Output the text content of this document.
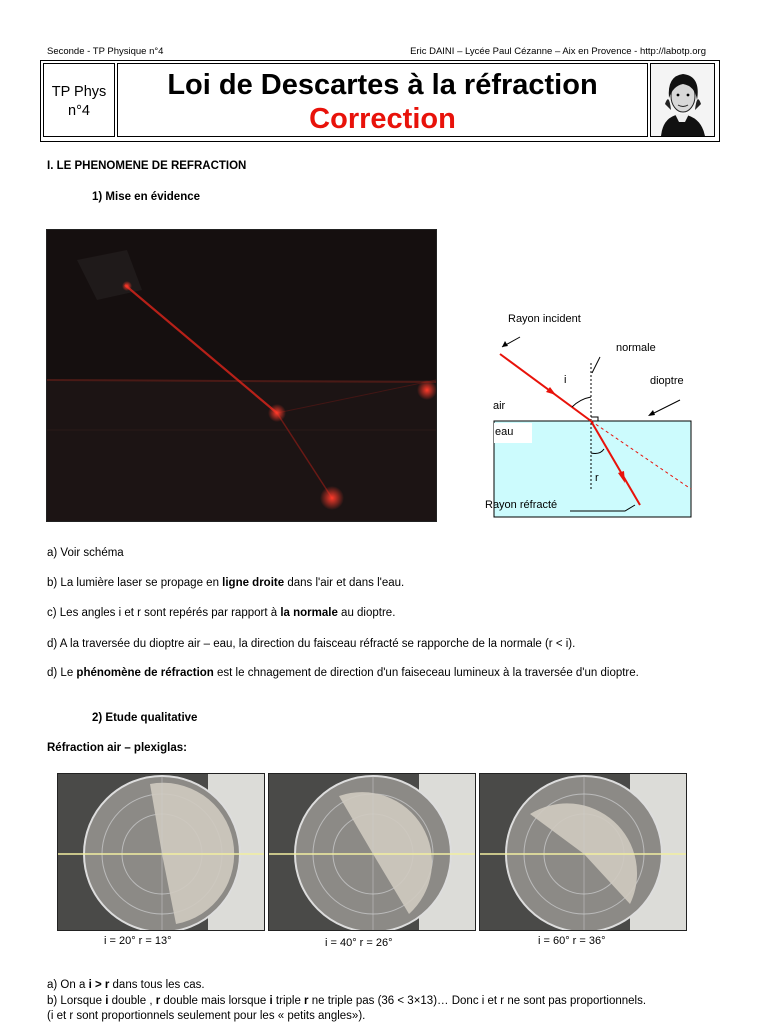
Seconde - TP Physique n°4	Eric DAINI – Lycée Paul Cézanne – Aix en Provence - http://labotp.org
TP Phys
n°4
Loi de Descartes à la réfraction
Correction
I. LE PHENOMENE DE REFRACTION
1) Mise en évidence
Rayon incident
normale
dioptre
i
air
eau
r
Rayon réfracté
a) Voir schéma
b) La lumière laser se propage en ligne droite dans l'air et dans l'eau.
c) Les angles i et r sont repérés par rapport à la normale au dioptre.
d) A la traversée du dioptre air – eau, la direction du faisceau réfracté se rapporche de la normale (r < i).
d) Le phénomène de réfraction est le chnagement de direction d'un faiseceau lumineux à la traversée d'un dioptre.
2) Etude qualitative
Réfraction air – plexiglas:
i = 20° r = 13°	i = 40° r = 26°	i = 60° r = 36°
a) On a i > r dans tous les cas.
b) Lorsque i double , r double mais lorsque i triple r ne triple pas (36 < 3×13)… Donc i et r ne sont pas proportionnels.
(i et r sont proportionnels seulement pour les « petits angles»).
